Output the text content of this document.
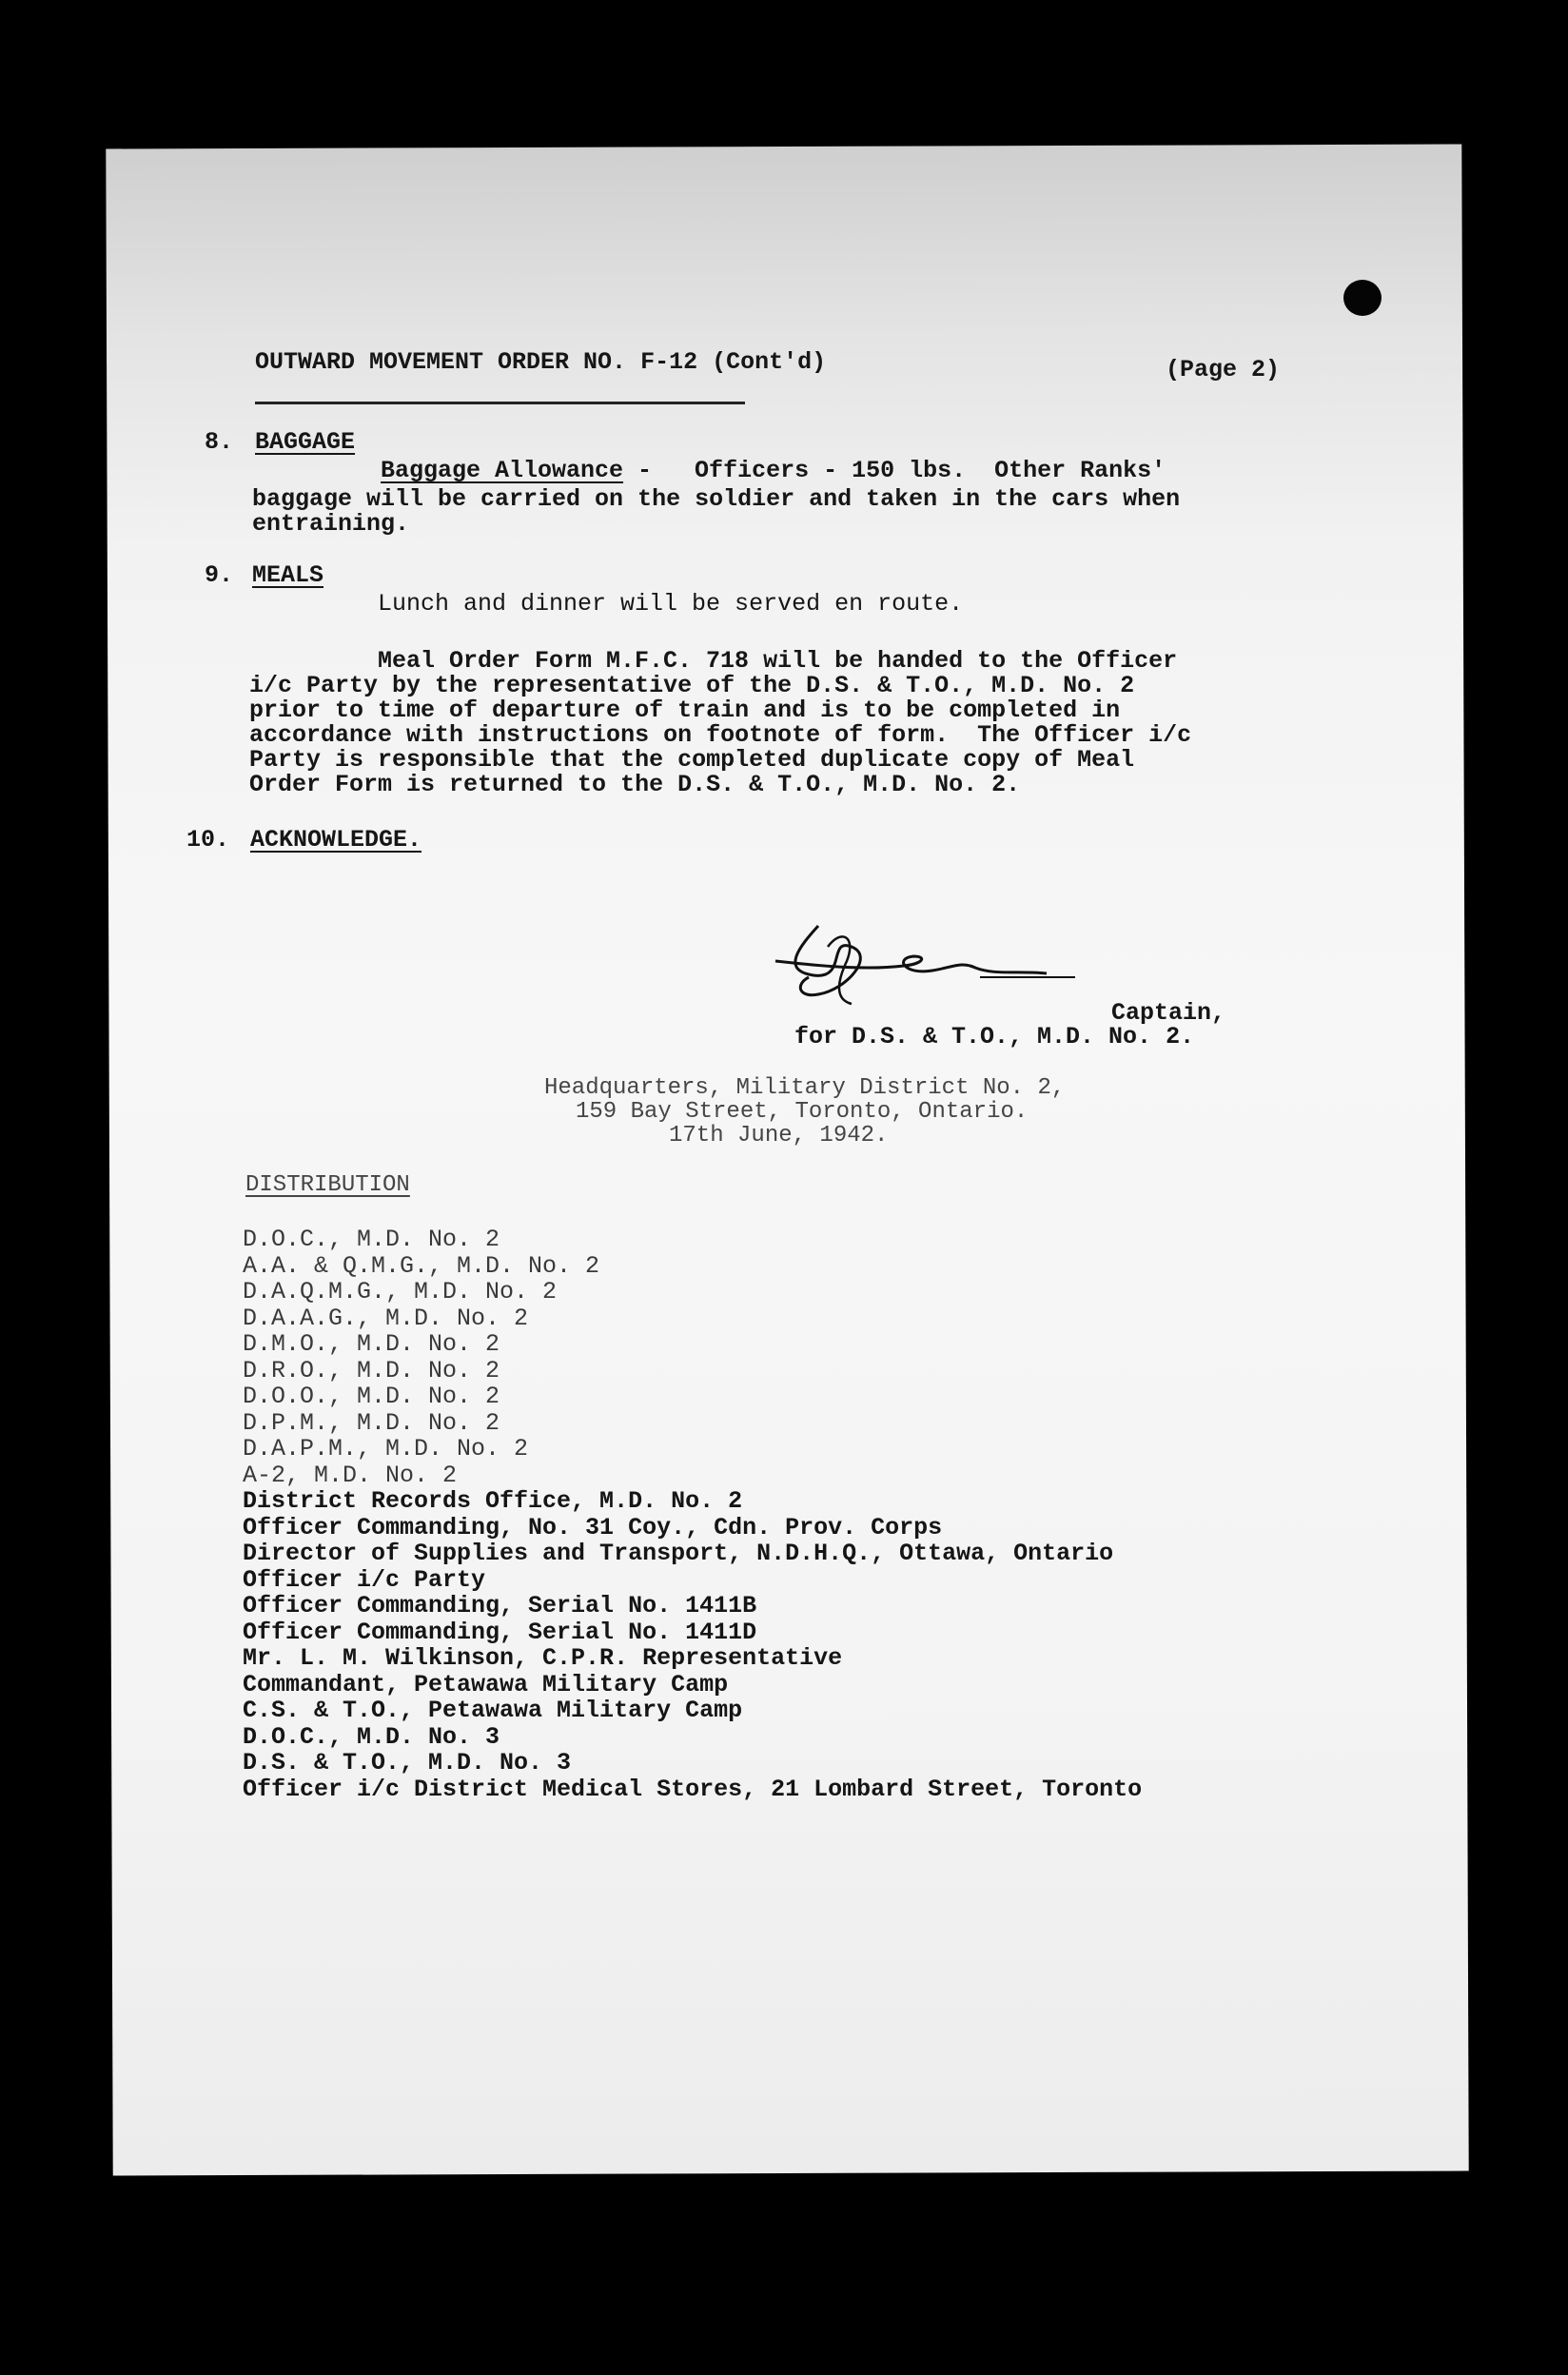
OUTWARD MOVEMENT ORDER NO. F-12 (Cont'd)	(Page 2)
8. BAGGAGE
Baggage Allowance -   Officers - 150 lbs.  Other Ranks'
baggage will be carried on the soldier and taken in the cars when
entraining.
9. MEALS
Lunch and dinner will be served en route.
Meal Order Form M.F.C. 718 will be handed to the Officer
i/c Party by the representative of the D.S. & T.O., M.D. No. 2
prior to time of departure of train and is to be completed in
accordance with instructions on footnote of form.  The Officer i/c
Party is responsible that the completed duplicate copy of Meal
Order Form is returned to the D.S. & T.O., M.D. No. 2.
10. ACKNOWLEDGE.
Captain,
for D.S. & T.O., M.D. No. 2.
Headquarters, Military District No. 2,
159 Bay Street, Toronto, Ontario.
17th June, 1942.
DISTRIBUTION
D.O.C., M.D. No. 2
A.A. & Q.M.G., M.D. No. 2
D.A.Q.M.G., M.D. No. 2
D.A.A.G., M.D. No. 2
D.M.O., M.D. No. 2
D.R.O., M.D. No. 2
D.O.O., M.D. No. 2
D.P.M., M.D. No. 2
D.A.P.M., M.D. No. 2
A-2, M.D. No. 2
District Records Office, M.D. No. 2
Officer Commanding, No. 31 Coy., Cdn. Prov. Corps
Director of Supplies and Transport, N.D.H.Q., Ottawa, Ontario
Officer i/c Party
Officer Commanding, Serial No. 1411B
Officer Commanding, Serial No. 1411D
Mr. L. M. Wilkinson, C.P.R. Representative
Commandant, Petawawa Military Camp
C.S. & T.O., Petawawa Military Camp
D.O.C., M.D. No. 3
D.S. & T.O., M.D. No. 3
Officer i/c District Medical Stores, 21 Lombard Street, Toronto
